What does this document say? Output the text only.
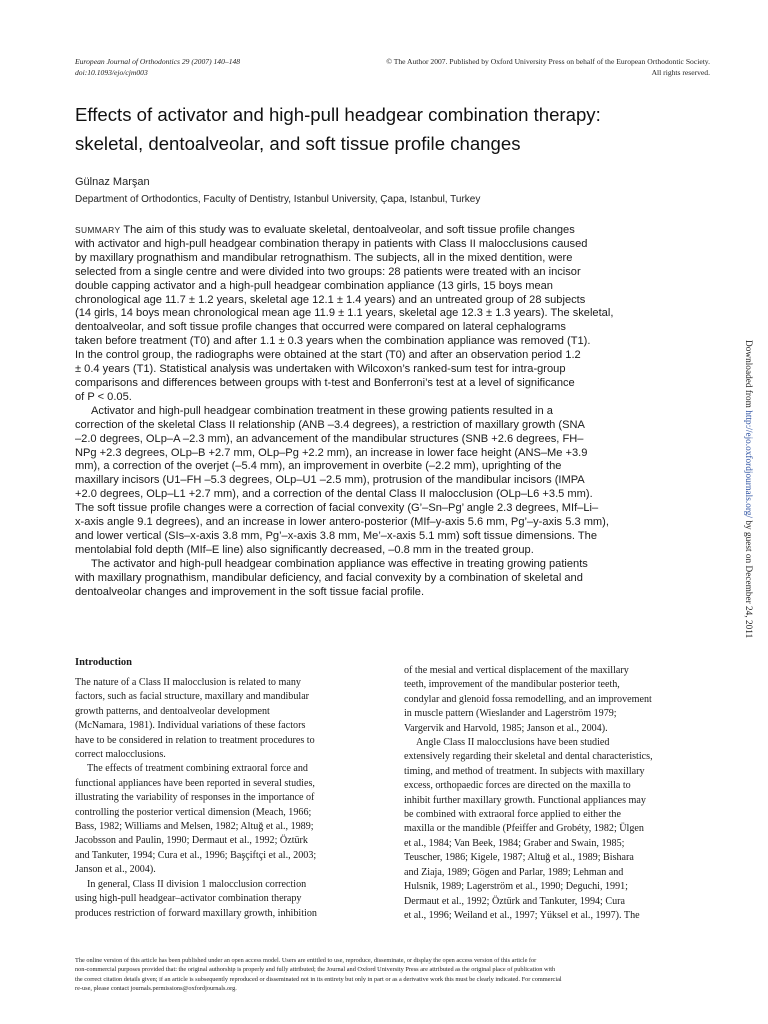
European Journal of Orthodontics 29 (2007) 140–148
doi:10.1093/ejo/cjm003
© The Author 2007. Published by Oxford University Press on behalf of the European Orthodontic Society.
All rights reserved.
Effects of activator and high-pull headgear combination therapy:
skeletal, dentoalveolar, and soft tissue profile changes
Gülnaz Marşan
Department of Orthodontics, Faculty of Dentistry, Istanbul University, Çapa, Istanbul, Turkey
SUMMARY The aim of this study was to evaluate skeletal, dentoalveolar, and soft tissue profile changes
with activator and high-pull headgear combination therapy in patients with Class II malocclusions caused
by maxillary prognathism and mandibular retrognathism. The subjects, all in the mixed dentition, were
selected from a single centre and were divided into two groups: 28 patients were treated with an incisor
double capping activator and a high-pull headgear combination appliance (13 girls, 15 boys mean
chronological age 11.7 ± 1.2 years, skeletal age 12.1 ± 1.4 years) and an untreated group of 28 subjects
(14 girls, 14 boys mean chronological mean age 11.9 ± 1.1 years, skeletal age 12.3 ± 1.3 years). The skeletal,
dentoalveolar, and soft tissue profile changes that occurred were compared on lateral cephalograms
taken before treatment (T0) and after 1.1 ± 0.3 years when the combination appliance was removed (T1).
In the control group, the radiographs were obtained at the start (T0) and after an observation period 1.2
± 0.4 years (T1). Statistical analysis was undertaken with Wilcoxon’s ranked-sum test for intra-group
comparisons and differences between groups with t-test and Bonferroni’s test at a level of significance
of P < 0.05.
Activator and high-pull headgear combination treatment in these growing patients resulted in a
correction of the skeletal Class II relationship (ANB –3.4 degrees), a restriction of maxillary growth (SNA
–2.0 degrees, OLp–A –2.3 mm), an advancement of the mandibular structures (SNB +2.6 degrees, FH–
NPg +2.3 degrees, OLp–B +2.7 mm, OLp–Pg +2.2 mm), an increase in lower face height (ANS–Me +3.9
mm), a correction of the overjet (–5.4 mm), an improvement in overbite (–2.2 mm), uprighting of the
maxillary incisors (U1–FH –5.3 degrees, OLp–U1 –2.5 mm), protrusion of the mandibular incisors (IMPA
+2.0 degrees, OLp–L1 +2.7 mm), and a correction of the dental Class II malocclusion (OLp–L6 +3.5 mm).
The soft tissue profile changes were a correction of facial convexity (G’–Sn–Pg’ angle 2.3 degrees, MIf–Li–
x-axis angle 9.1 degrees), and an increase in lower antero-posterior (MIf–y-axis 5.6 mm, Pg’–y-axis 5.3 mm),
and lower vertical (SIs–x-axis 3.8 mm, Pg’–x-axis 3.8 mm, Me’–x-axis 5.1 mm) soft tissue dimensions. The
mentolabial fold depth (MIf–E line) also significantly decreased, –0.8 mm in the treated group.
The activator and high-pull headgear combination appliance was effective in treating growing patients
with maxillary prognathism, mandibular deficiency, and facial convexity by a combination of skeletal and
dentoalveolar changes and improvement in the soft tissue facial profile.
Downloaded from http://ejo.oxfordjournals.org/ by guest on December 24, 2011
Introduction
The nature of a Class II malocclusion is related to many
factors, such as facial structure, maxillary and mandibular
growth patterns, and dentoalveolar development
(McNamara, 1981). Individual variations of these factors
have to be considered in relation to treatment procedures to
correct malocclusions.
The effects of treatment combining extraoral force and
functional appliances have been reported in several studies,
illustrating the variability of responses in the importance of
controlling the posterior vertical dimension (Meach, 1966;
Bass, 1982; Williams and Melsen, 1982; Altuğ et al., 1989;
Jacobsson and Paulin, 1990; Dermaut et al., 1992; Öztürk
and Tankuter, 1994; Cura et al., 1996; Başçiftçi et al., 2003;
Janson et al., 2004).
In general, Class II division 1 malocclusion correction
using high-pull headgear–activator combination therapy
produces restriction of forward maxillary growth, inhibition
of the mesial and vertical displacement of the maxillary
teeth, improvement of the mandibular posterior teeth,
condylar and glenoid fossa remodelling, and an improvement
in muscle pattern (Wieslander and Lagerström 1979;
Vargervik and Harvold, 1985; Janson et al., 2004).
Angle Class II malocclusions have been studied
extensively regarding their skeletal and dental characteristics,
timing, and method of treatment. In subjects with maxillary
excess, orthopaedic forces are directed on the maxilla to
inhibit further maxillary growth. Functional appliances may
be combined with extraoral force applied to either the
maxilla or the mandible (Pfeiffer and Grobéty, 1982; Ülgen
et al., 1984; Van Beek, 1984; Graber and Swain, 1985;
Teuscher, 1986; Kigele, 1987; Altuğ et al., 1989; Bishara
and Ziaja, 1989; Gögen and Parlar, 1989; Lehman and
Hulsnik, 1989; Lagerström et al., 1990; Deguchi, 1991;
Dermaut et al., 1992; Öztürk and Tankuter, 1994; Cura
et al., 1996; Weiland et al., 1997; Yüksel et al., 1997). The
The online version of this article has been published under an open access model. Users are entitled to use, reproduce, disseminate, or display the open access version of this article for
non-commercial purposes provided that: the original authorship is properly and fully attributed; the Journal and Oxford University Press are attributed as the original place of publication with
the correct citation details given; if an article is subsequently reproduced or disseminated not in its entirety but only in part or as a derivative work this must be clearly indicated. For commercial
re-use, please contact journals.permissions@oxfordjournals.org.
